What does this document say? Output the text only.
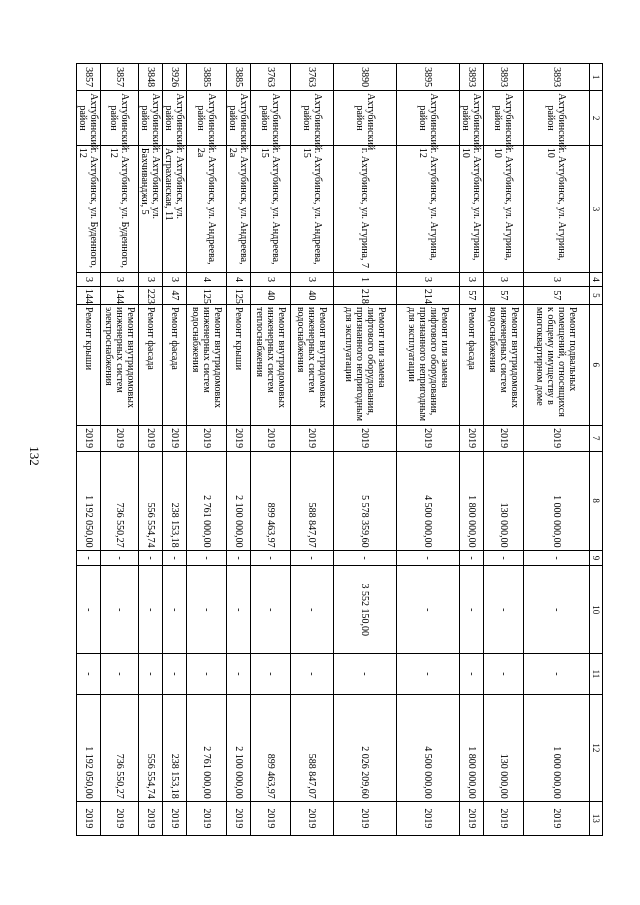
132
1	2	3	4	5	6	7	8	9	10	11	12	13
3893	Ахтубинский район	г. Ахтубинск, ул. Агурина, 10	3	57	Ремонт подвальных помещений, относящихся к общему имуществу в многоквартирном доме	2019	1 000 000,00	-	-	-	1 000 000,00	2019
3893	Ахтубинский район	г. Ахтубинск, ул. Агурина, 10	3	57	Ремонт внутридомовых инженерных систем водоснабжения	2019	130 000,00	-	-	-	130 000,00	2019
3893	Ахтубинский район	г. Ахтубинск, ул. Агурина, 10	3	57	Ремонт фасада	2019	1 800 000,00	-	-	-	1 800 000,00	2019
3895	Ахтубинский район	г. Ахтубинск, ул. Агурина, 12	3	214	Ремонт или замена лифтового оборудования, признанного непригодным для эксплуатации	2019	4 500 000,00	-	-	-	4 500 000,00	2019
3890	Ахтубинский район	г. Ахтубинск, ул. Агурина, 7	1	218	Ремонт или замена лифтового оборудования, признанного непригодным для эксплуатации	2019	5 578 359,60	-	3 552 150,00	-	2 026 209,60	2019
3763	Ахтубинский район	г. Ахтубинск, ул. Андреева, 15	3	40	Ремонт внутридомовых инженерных систем водоснабжения	2019	588 847,07	-	-	-	588 847,07	2019
3763	Ахтубинский район	г. Ахтубинск, ул. Андреева, 15	3	40	Ремонт внутридомовых инженерных систем теплоснабжения	2019	899 463,97	-	-	-	899 463,97	2019
3885	Ахтубинский район	г. Ахтубинск, ул. Андреева, 2а	4	125	Ремонт крыши	2019	2 100 000,00	-	-	-	2 100 000,00	2019
3885	Ахтубинский район	г. Ахтубинск, ул. Андреева, 2а	4	125	Ремонт внутридомовых инженерных систем водоснабжения	2019	2 761 000,00	-	-	-	2 761 000,00	2019
3926	Ахтубинский район	г. Ахтубинск, ул. Астраханская, 11	3	47	Ремонт фасада	2019	238 153,18	-	-	-	238 153,18	2019
3848	Ахтубинский район	г. Ахтубинск, ул. Бахчиванджи, 5	3	223	Ремонт фасада	2019	556 554,74	-	-	-	556 554,74	2019
3857	Ахтубинский район	г. Ахтубинск, ул. Буденного, 12	3	144	Ремонт внутридомовых инженерных систем электроснабжения	2019	736 550,27	-	-	-	736 550,27	2019
3857	Ахтубинский район	г. Ахтубинск, ул. Буденного, 12	3	144	Ремонт крыши	2019	1 192 050,00	-	-	-	1 192 050,00	2019
